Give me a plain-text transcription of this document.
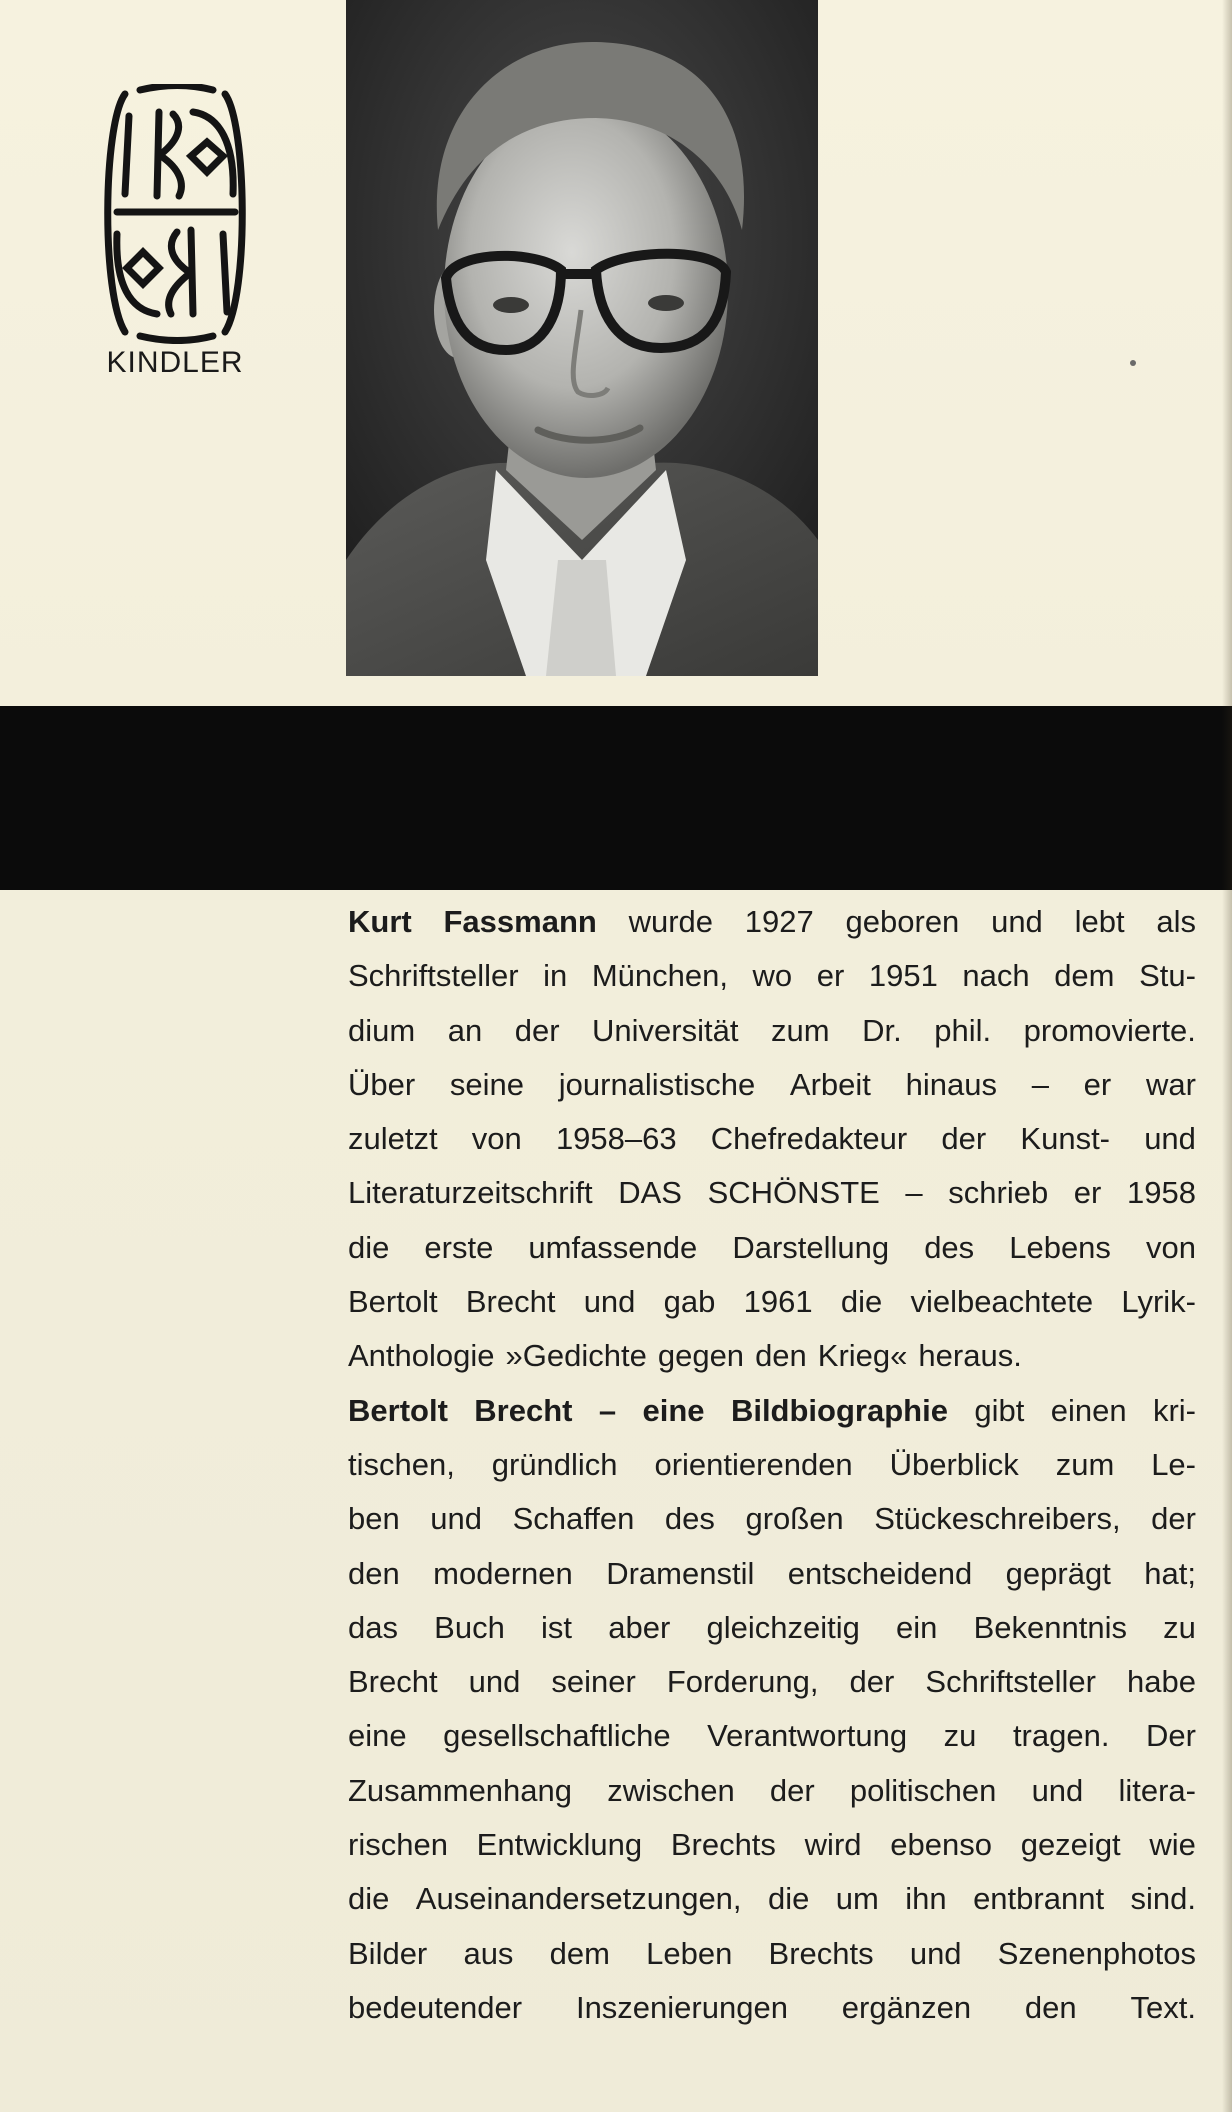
KINDLER
Kurt Fassmann wurde 1927 geboren und lebt als
Schriftsteller in München, wo er 1951 nach dem Stu-
dium an der Universität zum Dr. phil. promovierte.
Über seine journalistische Arbeit hinaus – er war
zuletzt von 1958–63 Chefredakteur der Kunst- und
Literaturzeitschrift DAS SCHÖNSTE – schrieb er 1958
die erste umfassende Darstellung des Lebens von
Bertolt Brecht und gab 1961 die vielbeachtete Lyrik-
Anthologie »Gedichte gegen den Krieg« heraus.
Bertolt Brecht – eine Bildbiographie gibt einen kri-
tischen, gründlich orientierenden Überblick zum Le-
ben und Schaffen des großen Stückeschreibers, der
den modernen Dramenstil entscheidend geprägt hat;
das Buch ist aber gleichzeitig ein Bekenntnis zu
Brecht und seiner Forderung, der Schriftsteller habe
eine gesellschaftliche Verantwortung zu tragen. Der
Zusammenhang zwischen der politischen und litera-
rischen Entwicklung Brechts wird ebenso gezeigt wie
die Auseinandersetzungen, die um ihn entbrannt sind.
Bilder aus dem Leben Brechts und Szenenphotos
bedeutender Inszenierungen ergänzen den Text.
